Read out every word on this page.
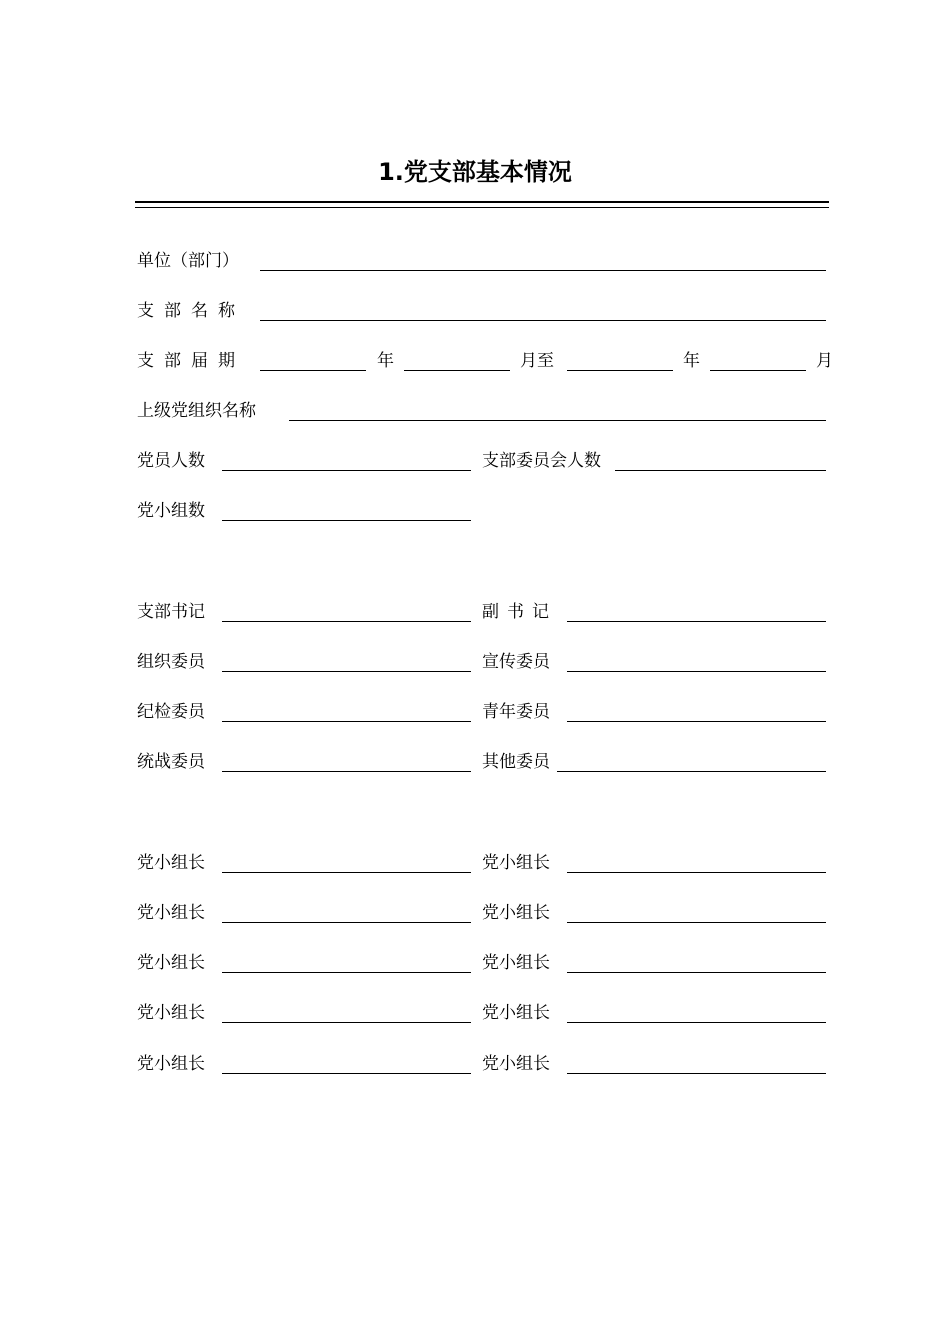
1.党支部基本情况
单位（部门）
支部名称
支部届期	年	月至	年	月
上级党组织名称
党员人数	支部委员会人数
党小组数
支部书记	副书记
组织委员	宣传委员
纪检委员	青年委员
统战委员	其他委员
党小组长	党小组长
党小组长	党小组长
党小组长	党小组长
党小组长	党小组长
党小组长	党小组长
